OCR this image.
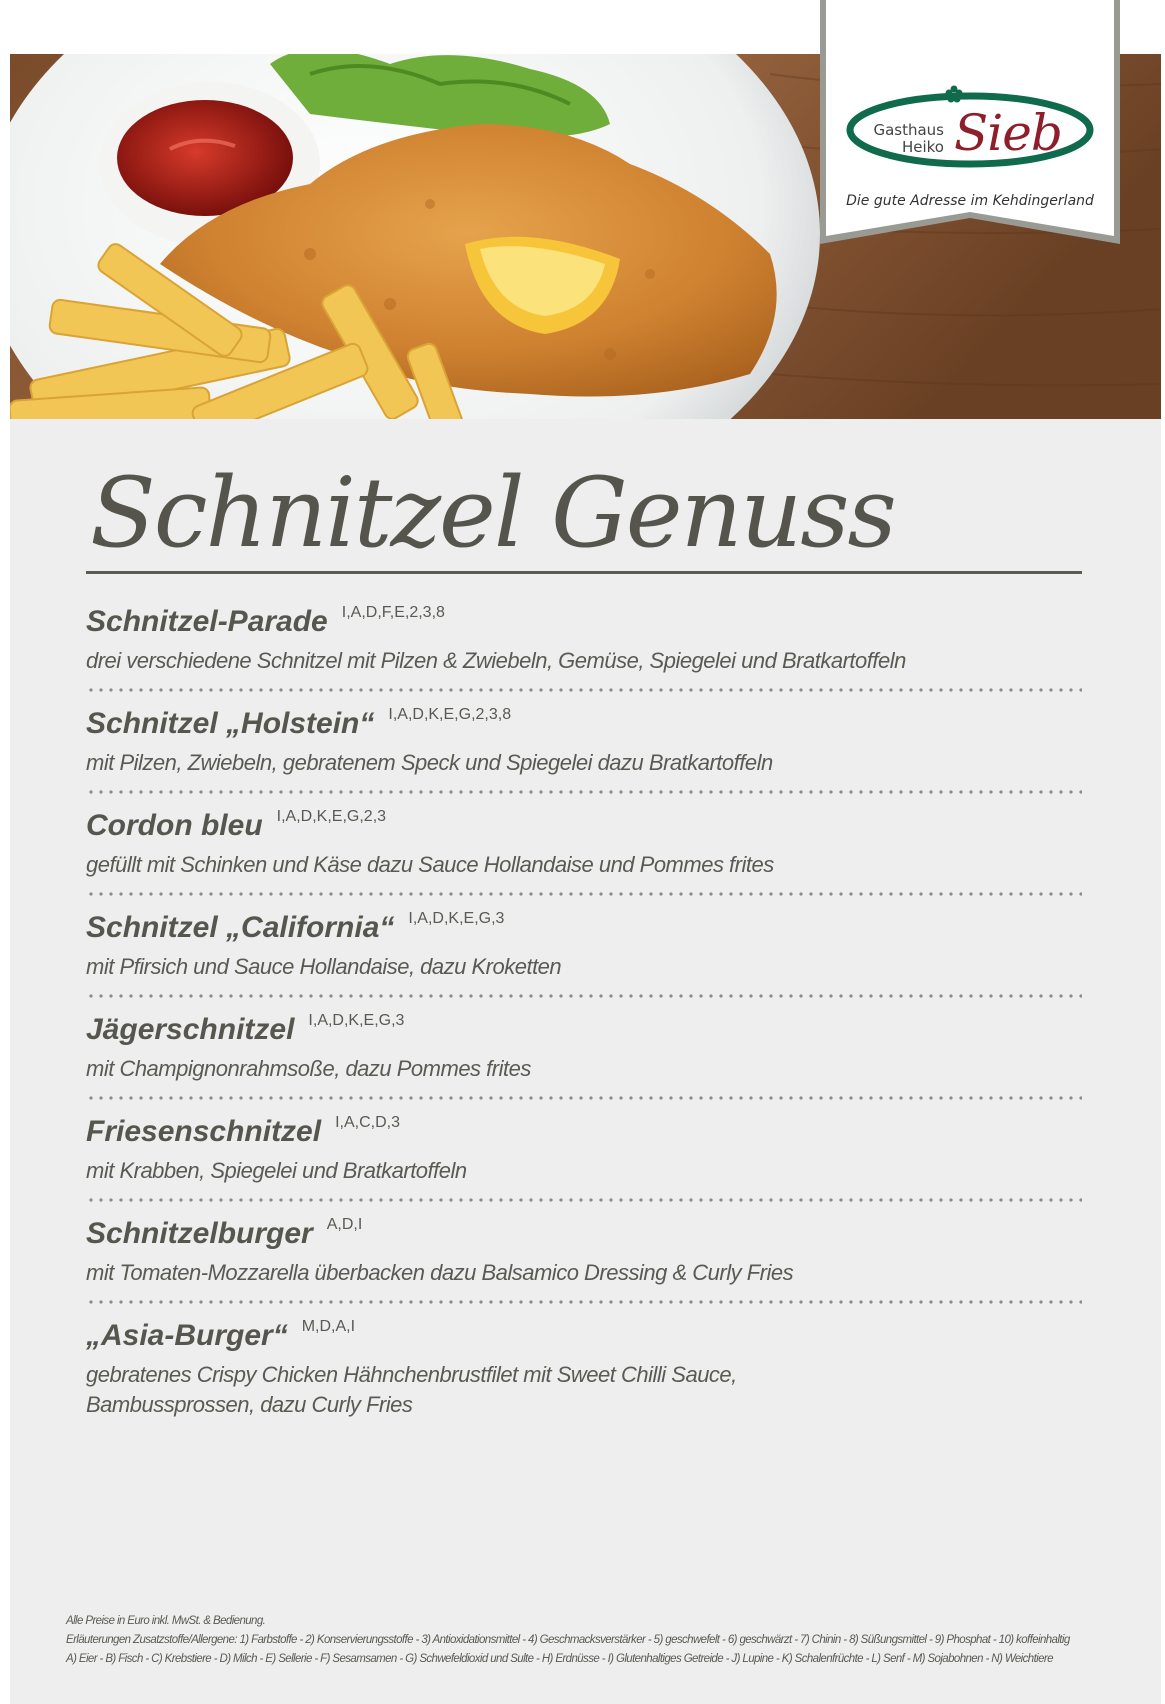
Gasthaus
Heiko Sieb
Die gute Adresse im Kehdingerland
Schnitzel Genuss
Schnitzel-Parade I,A,D,F,E,2,3,8
drei verschiedene Schnitzel mit Pilzen & Zwiebeln, Gemüse, Spiegelei und Bratkartoffeln
Schnitzel „Holstein“ I,A,D,K,E,G,2,3,8
mit Pilzen, Zwiebeln, gebratenem Speck und Spiegelei dazu Bratkartoffeln
Cordon bleu I,A,D,K,E,G,2,3
gefüllt mit Schinken und Käse dazu Sauce Hollandaise und Pommes frites
Schnitzel „California“ I,A,D,K,E,G,3
mit Pfirsich und Sauce Hollandaise, dazu Kroketten
Jägerschnitzel I,A,D,K,E,G,3
mit Champignonrahmsoße, dazu Pommes frites
Friesenschnitzel I,A,C,D,3
mit Krabben, Spiegelei und Bratkartoffeln
Schnitzelburger A,D,I
mit Tomaten-Mozzarella überbacken dazu Balsamico Dressing & Curly Fries
„Asia-Burger“ M,D,A,I
gebratenes Crispy Chicken Hähnchenbrustfilet mit Sweet Chilli Sauce,
Bambussprossen, dazu Curly Fries
Alle Preise in Euro inkl. MwSt. & Bedienung.
Erläuterungen Zusatzstoffe/Allergene: 1) Farbstoffe - 2) Konservierungsstoffe - 3) Antioxidationsmittel - 4) Geschmacksverstärker - 5) geschwefelt - 6) geschwärzt - 7) Chinin - 8) Süßungsmittel - 9) Phosphat - 10) koffeinhaltig
A) Eier - B) Fisch - C) Krebstiere - D) Milch - E) Sellerie - F) Sesamsamen - G) Schwefeldioxid und Sulte - H) Erdnüsse - I) Glutenhaltiges Getreide - J) Lupine - K) Schalenfrüchte - L) Senf - M) Sojabohnen - N) Weichtiere
